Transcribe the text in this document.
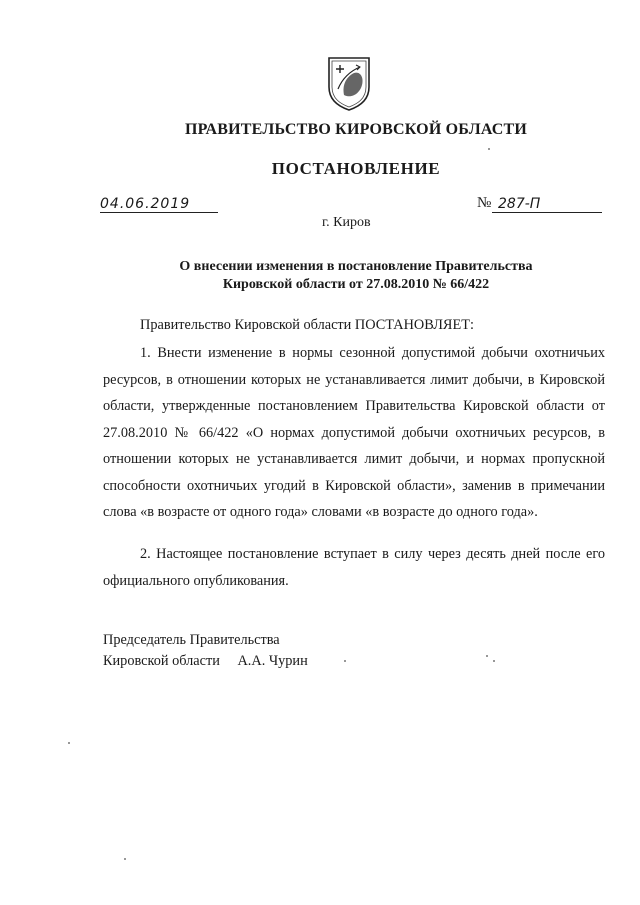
ПРАВИТЕЛЬСТВО КИРОВСКОЙ ОБЛАСТИ
ПОСТАНОВЛЕНИЕ
04.06.2019	№ 287-П
г. Киров
О внесении изменения в постановление Правительства
Кировской области от 27.08.2010 № 66/422
Правительство Кировской области ПОСТАНОВЛЯЕТ:
1. Внести изменение в нормы сезонной допустимой добычи охотничьих ресурсов, в отношении которых не устанавливается лимит добычи, в Кировской области, утвержденные постановлением Правительства Кировской области от 27.08.2010 № 66/422 «О нормах допустимой добычи охотничьих ресурсов, в отношении которых не устанавливается лимит добычи, и нормах пропускной способности охотничьих угодий в Кировской области», заменив в примечании слова «в возрасте от одного года» словами «в возрасте до одного года».
2. Настоящее постановление вступает в силу через десять дней после его официального опубликования.
Председатель Правительства
Кировской области А.А. Чурин
